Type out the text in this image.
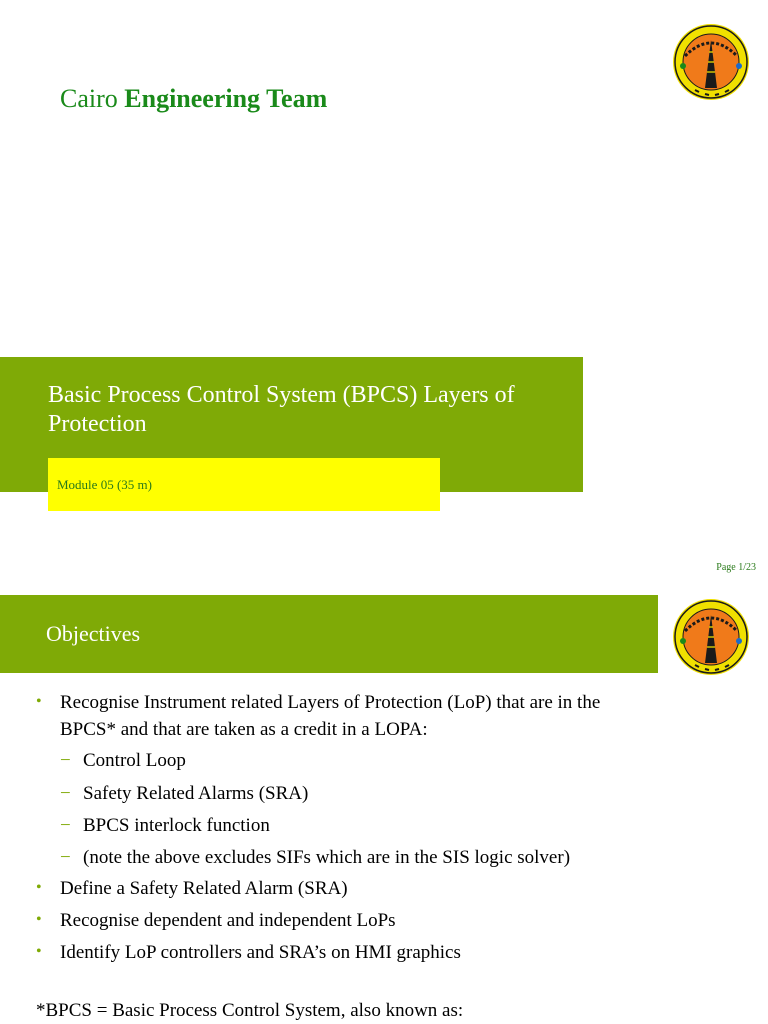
Cairo Engineering Team
Basic Process Control System (BPCS) Layers of Protection
Module 05 (35 m)
Page 1/23
Objectives
• Recognise Instrument related Layers of Protection (LoP) that are in the
BPCS* and that are taken as a credit in a LOPA:
− Control Loop
− Safety Related Alarms (SRA)
− BPCS interlock function
− (note the above excludes SIFs which are in the SIS logic solver)
• Define a Safety Related Alarm (SRA)
• Recognise dependent and independent LoPs
• Identify LoP controllers and SRA’s on HMI graphics
*BPCS = Basic Process Control System, also known as:
